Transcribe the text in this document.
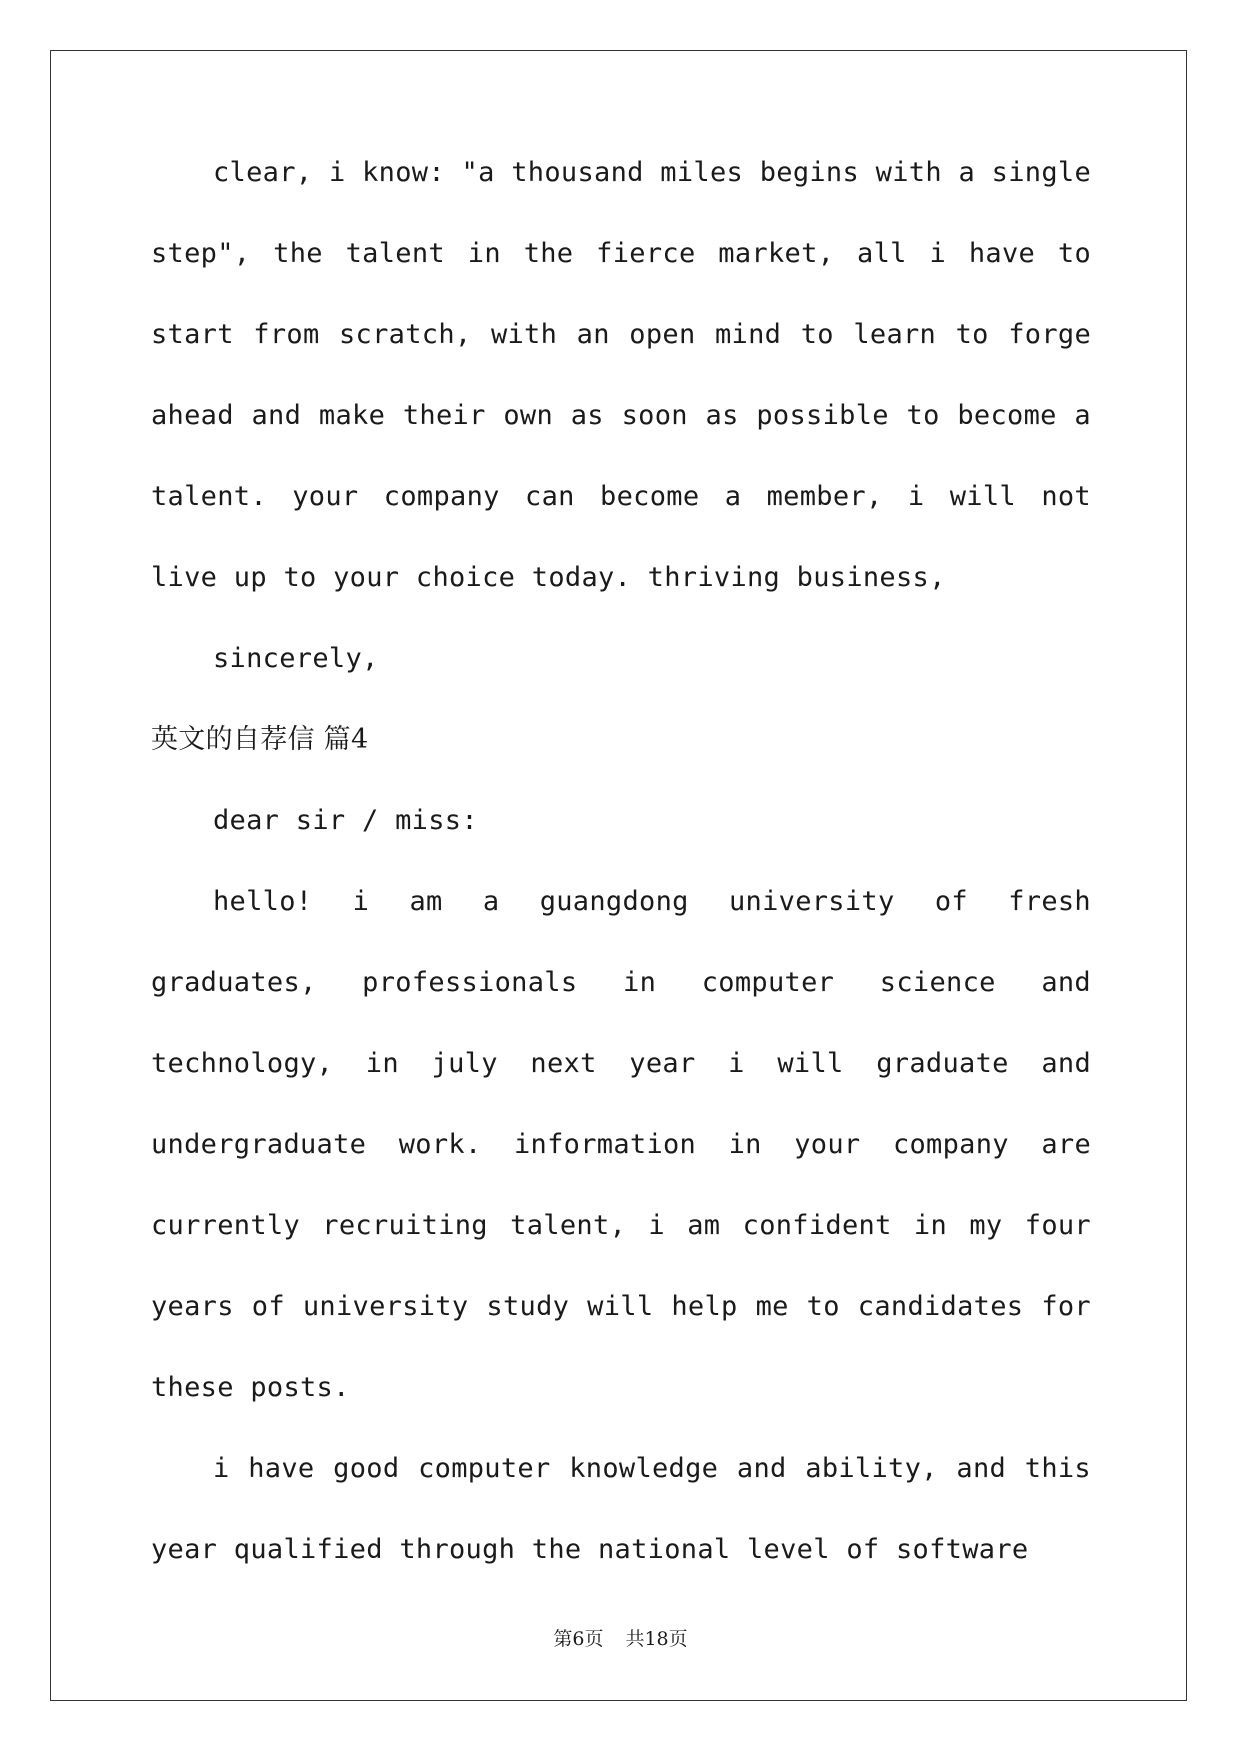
clear, i know: "a thousand miles begins with a single step", the talent in the fierce market, all i have to start from scratch, with an open mind to learn to forge ahead and make their own as soon as possible to become a talent. your company can become a member, i will not live up to your choice today. thriving business,

sincerely,

英文的自荐信 篇4

dear sir / miss:

hello! i am a guangdong university of fresh graduates, professionals in computer science and technology, in july next year i will graduate and undergraduate work. information in your company are currently recruiting talent, i am confident in my four years of university study will help me to candidates for these posts.

i have good computer knowledge and ability, and this year qualified through the national level of software

第6页 共18页
